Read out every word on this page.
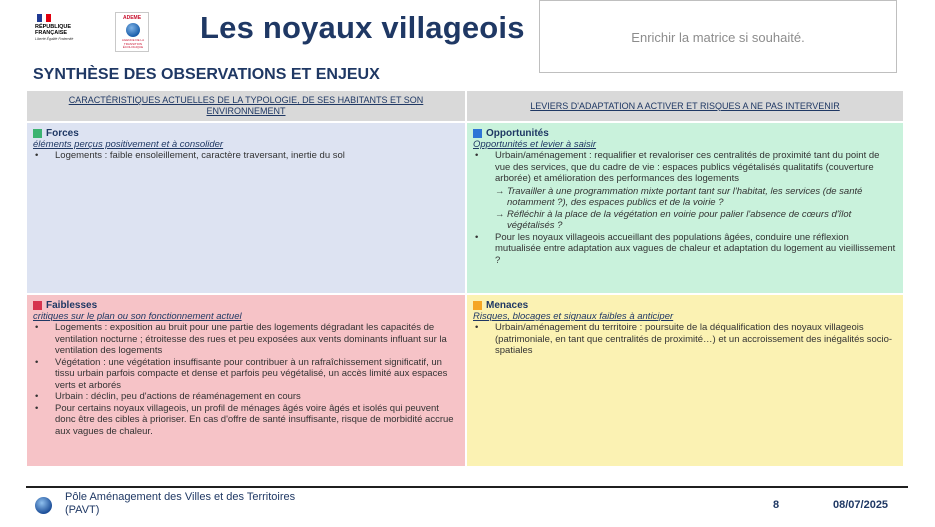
RÉPUBLIQUE FRANÇAISE
Liberté Égalité Fraternité
ADEME
AGENCE DE LA TRANSITION ÉCOLOGIQUE
Les noyaux villageois	Enrichir la matrice si souhaité.
SYNTHÈSE DES OBSERVATIONS ET ENJEUX
CARACTÉRISTIQUES ACTUELLES DE LA TYPOLOGIE, DE SES HABITANTS ET SON ENVIRONNEMENT
LEVIERS D'ADAPTATION A ACTIVER ET RISQUES A NE PAS INTERVENIR
Forces
éléments perçus positivement et à consolider
• Logements : faible ensoleillement, caractère traversant, inertie du sol
Opportunités
Opportunités et levier à saisir
• Urbain/aménagement : requalifier et revaloriser ces centralités de proximité tant du point de vue des services, que du cadre de vie : espaces publics végétalisés qualitatifs (couverture arborée) et amélioration des performances des logements
→ Travailler à une programmation mixte portant tant sur l'habitat, les services (de santé notamment ?), des espaces publics et de la voirie ?
→ Réfléchir à la place de la végétation en voirie pour palier l'absence de cœurs d'îlot végétalisés ?
• Pour les noyaux villageois accueillant des populations âgées, conduire une réflexion mutualisée entre adaptation aux vagues de chaleur et adaptation du logement au vieillissement ?
Faiblesses
critiques sur le plan ou son fonctionnement actuel
• Logements : exposition au bruit pour une partie des logements dégradant les capacités de ventilation nocturne ; étroitesse des rues et peu exposées aux vents dominants influant sur la ventilation des logements
• Végétation : une végétation insuffisante pour contribuer à un rafraîchissement significatif, un tissu urbain parfois compacte et dense et parfois peu végétalisé, un accès limité aux espaces verts et arborés
• Urbain : déclin, peu d'actions de réaménagement en cours
• Pour certains noyaux villageois, un profil de ménages âgés voire âgés et isolés qui peuvent donc être des cibles à prioriser. En cas d'offre de santé insuffisante, risque de morbidité accrue aux vagues de chaleur.
Menaces
Risques, blocages et signaux faibles à anticiper
• Urbain/aménagement du territoire : poursuite de la déqualification des noyaux villageois (patrimoniale, en tant que centralités de proximité…) et un accroissement des inégalités socio-spatiales
Pôle Aménagement des Villes et des Territoires
(PAVT)	8	08/07/2025
